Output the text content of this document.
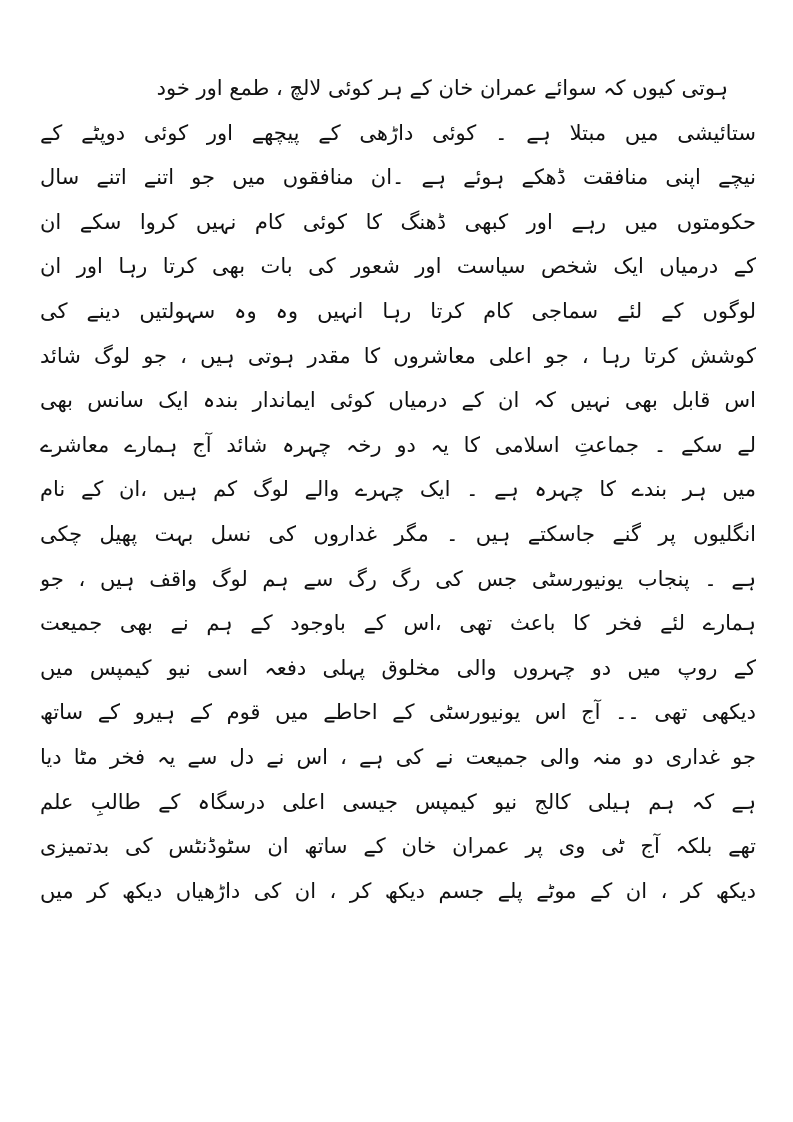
ہوتی کیوں کہ سوائے عمران خان کے ہر کوئی لالچ ، طمع اور خود
ستائیشی میں مبتلا ہے ۔ کوئی داڑھی کے پیچھے اور کوئی دوپٹے کے
نیچے اپنی منافقت ڈھکے ہوئے ہے ۔ان منافقوں میں جو اتنے اتنے سال
حکومتوں میں رہے اور کبھی ڈھنگ کا کوئی کام نہیں کروا سکے ان
کے درمیاں ایک شخص سیاست اور شعور کی بات بھی کرتا رہا اور ان
لوگوں کے لئے سماجی کام کرتا رہا انہیں وہ وہ سہولتیں دینے کی
کوشش کرتا رہا ، جو اعلی معاشروں کا مقدر ہوتی ہیں ، جو لوگ شائد
اس قابل بھی نہیں کہ ان کے درمیاں کوئی ایماندار بندہ ایک سانس بھی
لے سکے ۔ جماعتِ اسلامی کا یہ دو رخہ چہرہ شائد آج ہمارے معاشرے
میں ہر بندے کا چہرہ ہے ۔ ایک چہرے والے لوگ کم ہیں ،ان کے نام
انگلیوں پر گنے جاسکتے ہیں ۔ مگر غداروں کی نسل بہت پھیل چکی
ہے ۔ پنجاب یونیورسٹی جس کی رگ رگ سے ہم لوگ واقف ہیں ، جو
ہمارے لئے فخر کا باعث تھی ،اس کے باوجود کے ہم نے بھی جمیعت
کے روپ میں دو چہروں والی مخلوق پہلی دفعہ اسی نیو کیمپس میں
دیکھی تھی ۔۔ آج اس یونیورسٹی کے احاطے میں قوم کے ہیرو کے ساتھ
جو غداری دو منہ والی جمیعت نے کی ہے ، اس نے دل سے یہ فخر مٹا دیا
ہے کہ ہم ہیلی کالج نیو کیمپس جیسی اعلی درسگاہ کے طالبِ علم
تھے بلکہ آج ٹی وی پر عمران خان کے ساتھ ان سٹوڈنٹس کی بدتمیزی
دیکھ کر ، ان کے موٹے پلے جسم دیکھ کر ، ان کی داڑھیاں دیکھ کر میں
